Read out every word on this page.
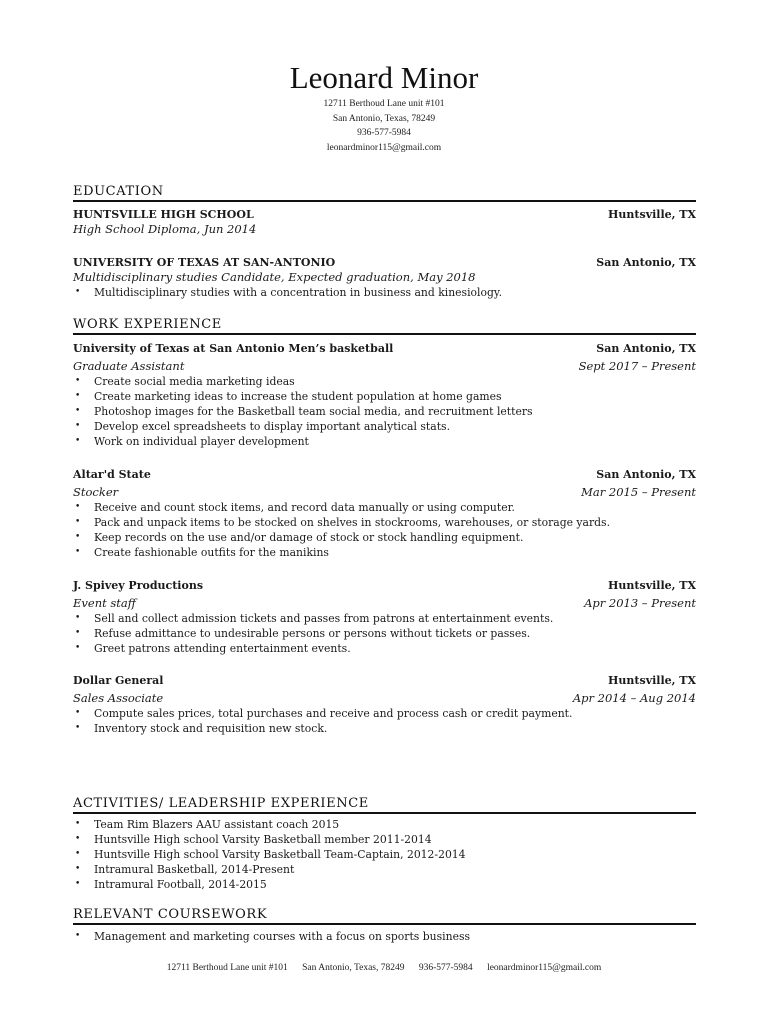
Leonard Minor
12711 Berthoud Lane unit #101
San Antonio, Texas, 78249
936-577-5984
leonardminor115@gmail.com
EDUCATION
HUNTSVILLE HIGH SCHOOL	Huntsville, TX
High School Diploma, Jun 2014
UNIVERSITY OF TEXAS AT SAN-ANTONIO	San Antonio, TX
Multidisciplinary studies Candidate, Expected graduation, May 2018
• Multidisciplinary studies with a concentration in business and kinesiology.
WORK EXPERIENCE
University of Texas at San Antonio Men’s basketball	San Antonio, TX
Graduate Assistant	Sept 2017 – Present
• Create social media marketing ideas
• Create marketing ideas to increase the student population at home games
• Photoshop images for the Basketball team social media, and recruitment letters
• Develop excel spreadsheets to display important analytical stats.
• Work on individual player development
Altar'd State	San Antonio, TX
Stocker	Mar 2015 – Present
• Receive and count stock items, and record data manually or using computer.
• Pack and unpack items to be stocked on shelves in stockrooms, warehouses, or storage yards.
• Keep records on the use and/or damage of stock or stock handling equipment.
• Create fashionable outfits for the manikins
J. Spivey Productions	Huntsville, TX
Event staff	Apr 2013 – Present
• Sell and collect admission tickets and passes from patrons at entertainment events.
• Refuse admittance to undesirable persons or persons without tickets or passes.
• Greet patrons attending entertainment events.
Dollar General	Huntsville, TX
Sales Associate	Apr 2014 – Aug 2014
• Compute sales prices, total purchases and receive and process cash or credit payment.
• Inventory stock and requisition new stock.
ACTIVITIES/ LEADERSHIP EXPERIENCE
• Team Rim Blazers AAU assistant coach 2015
• Huntsville High school Varsity Basketball member 2011-2014
• Huntsville High school Varsity Basketball Team-Captain, 2012-2014
• Intramural Basketball, 2014-Present
• Intramural Football, 2014-2015
RELEVANT COURSEWORK
• Management and marketing courses with a focus on sports business
12711 Berthoud Lane unit #101 San Antonio, Texas, 78249 936-577-5984 leonardminor115@gmail.com
